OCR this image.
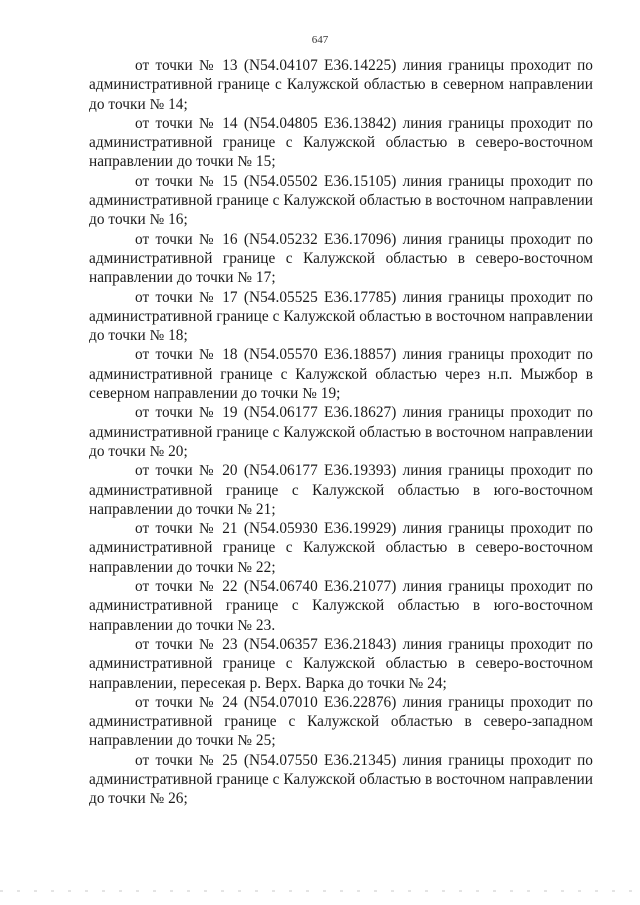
647

от точки № 13 (N54.04107 E36.14225) линия границы проходит по административной границе с Калужской областью в северном направлении до точки № 14;

от точки № 14 (N54.04805 E36.13842) линия границы проходит по административной границе с Калужской областью в северо-восточном направлении до точки № 15;

от точки № 15 (N54.05502 E36.15105) линия границы проходит по административной границе с Калужской областью в восточном направлении до точки № 16;

от точки № 16 (N54.05232 E36.17096) линия границы проходит по административной границе с Калужской областью в северо-восточном направлении до точки № 17;

от точки № 17 (N54.05525 E36.17785) линия границы проходит по административной границе с Калужской областью в восточном направлении до точки № 18;

от точки № 18 (N54.05570 E36.18857) линия границы проходит по административной границе с Калужской областью через н.п. Мыжбор в северном направлении до точки № 19;

от точки № 19 (N54.06177 E36.18627) линия границы проходит по административной границе с Калужской областью в восточном направлении до точки № 20;

от точки № 20 (N54.06177 E36.19393) линия границы проходит по административной границе с Калужской областью в юго-восточном направлении до точки № 21;

от точки № 21 (N54.05930 E36.19929) линия границы проходит по административной границе с Калужской областью в северо-восточном направлении до точки № 22;

от точки № 22 (N54.06740 E36.21077) линия границы проходит по административной границе с Калужской областью в юго-восточном направлении до точки № 23.

от точки № 23 (N54.06357 E36.21843) линия границы проходит по административной границе с Калужской областью в северо-восточном направлении, пересекая р. Верх. Варка до точки № 24;

от точки № 24 (N54.07010 E36.22876) линия границы проходит по административной границе с Калужской областью в северо-западном направлении до точки № 25;

от точки № 25 (N54.07550 E36.21345) линия границы проходит по административной границе с Калужской областью в восточном направлении до точки № 26;
